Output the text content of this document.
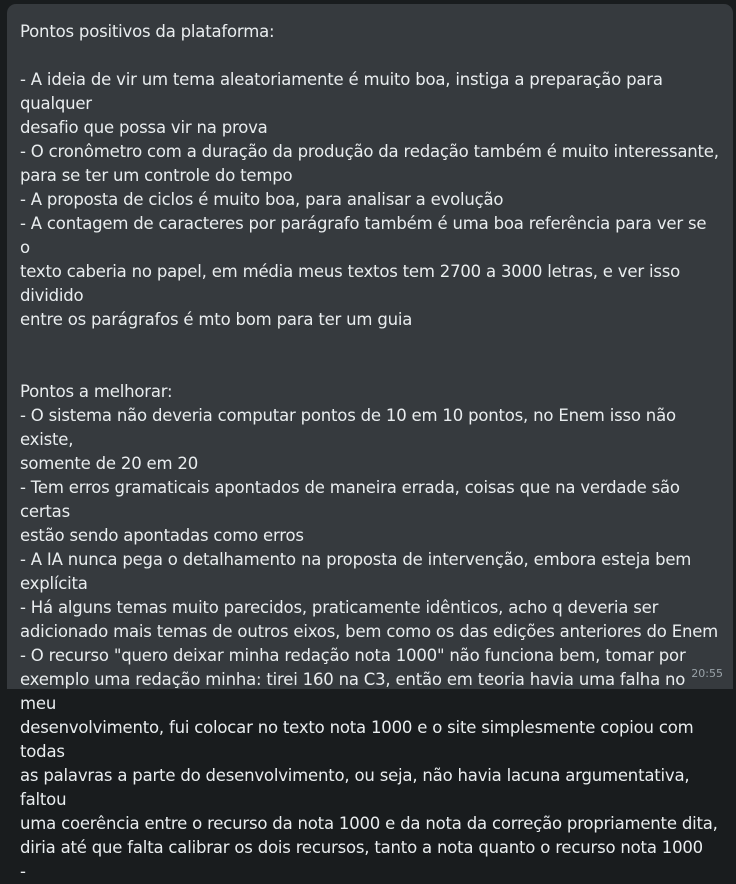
Pontos positivos da plataforma:
- A ideia de vir um tema aleatoriamente é muito boa, instiga a preparação para qualquer
desafio que possa vir na prova
- O cronômetro com a duração da produção da redação também é muito interessante,
para se ter um controle do tempo
- A proposta de ciclos é muito boa, para analisar a evolução
- A contagem de caracteres por parágrafo também é uma boa referência para ver se o
texto caberia no papel, em média meus textos tem 2700 a 3000 letras, e ver isso dividido
entre os parágrafos é mto bom para ter um guia
Pontos a melhorar:
- O sistema não deveria computar pontos de 10 em 10 pontos, no Enem isso não existe,
somente de 20 em 20
- Tem erros gramaticais apontados de maneira errada, coisas que na verdade são certas
estão sendo apontadas como erros
- A IA nunca pega o detalhamento na proposta de intervenção, embora esteja bem
explícita
- Há alguns temas muito parecidos, praticamente idênticos, acho q deveria ser
adicionado mais temas de outros eixos, bem como os das edições anteriores do Enem
- O recurso "quero deixar minha redação nota 1000" não funciona bem, tomar por
exemplo uma redação minha: tirei 160 na C3, então em teoria havia uma falha no meu
desenvolvimento, fui colocar no texto nota 1000 e o site simplesmente copiou com todas
as palavras a parte do desenvolvimento, ou seja, não havia lacuna argumentativa, faltou
uma coerência entre o recurso da nota 1000 e da nota da correção propriamente dita,
diria até que falta calibrar os dois recursos, tanto a nota quanto o recurso nota 1000
-
20:55
